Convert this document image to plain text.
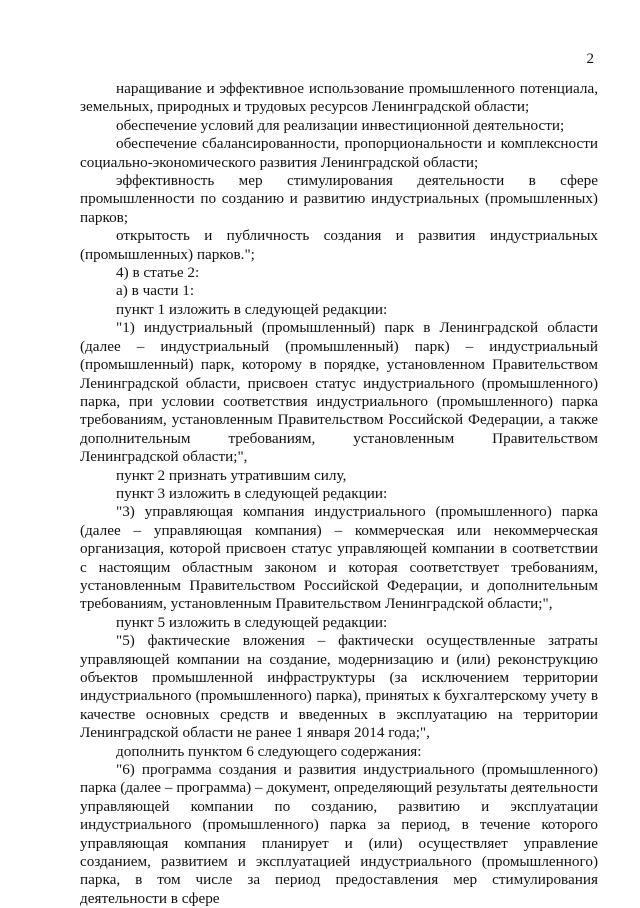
2

наращивание и эффективное использование промышленного потенциала, земельных, природных и трудовых ресурсов Ленинградской области;

обеспечение условий для реализации инвестиционной деятельности;

обеспечение сбалансированности, пропорциональности и комплексности социально-экономического развития Ленинградской области;

эффективность мер стимулирования деятельности в сфере промышленности по созданию и развитию индустриальных (промышленных) парков;

открытость и публичность создания и развития индустриальных (промышленных) парков.";

4) в статье 2:

а) в части 1:

пункт 1 изложить в следующей редакции:

"1) индустриальный (промышленный) парк в Ленинградской области (далее – индустриальный (промышленный) парк) – индустриальный (промышленный) парк, которому в порядке, установленном Правительством Ленинградской области, присвоен статус индустриального (промышленного) парка, при условии соответствия индустриального (промышленного) парка требованиям, установленным Правительством Российской Федерации, а также дополнительным требованиям, установленным Правительством Ленинградской области;",

пункт 2 признать утратившим силу,

пункт 3 изложить в следующей редакции:

"3) управляющая компания индустриального (промышленного) парка (далее – управляющая компания) – коммерческая или некоммерческая организация, которой присвоен статус управляющей компании в соответствии с настоящим областным законом и которая соответствует требованиям, установленным Правительством Российской Федерации, и дополнительным требованиям, установленным Правительством Ленинградской области;",

пункт 5 изложить в следующей редакции:

"5) фактические вложения – фактически осуществленные затраты управляющей компании на создание, модернизацию и (или) реконструкцию объектов промышленной инфраструктуры (за исключением территории индустриального (промышленного) парка), принятых к бухгалтерскому учету в качестве основных средств и введенных в эксплуатацию на территории Ленинградской области не ранее 1 января 2014 года;",

дополнить пунктом 6 следующего содержания:

"6) программа создания и развития индустриального (промышленного) парка (далее – программа) – документ, определяющий результаты деятельности управляющей компании по созданию, развитию и эксплуатации индустриального (промышленного) парка за период, в течение которого управляющая компания планирует и (или) осуществляет управление созданием, развитием и эксплуатацией индустриального (промышленного) парка, в том числе за период предоставления мер стимулирования деятельности в сфере
